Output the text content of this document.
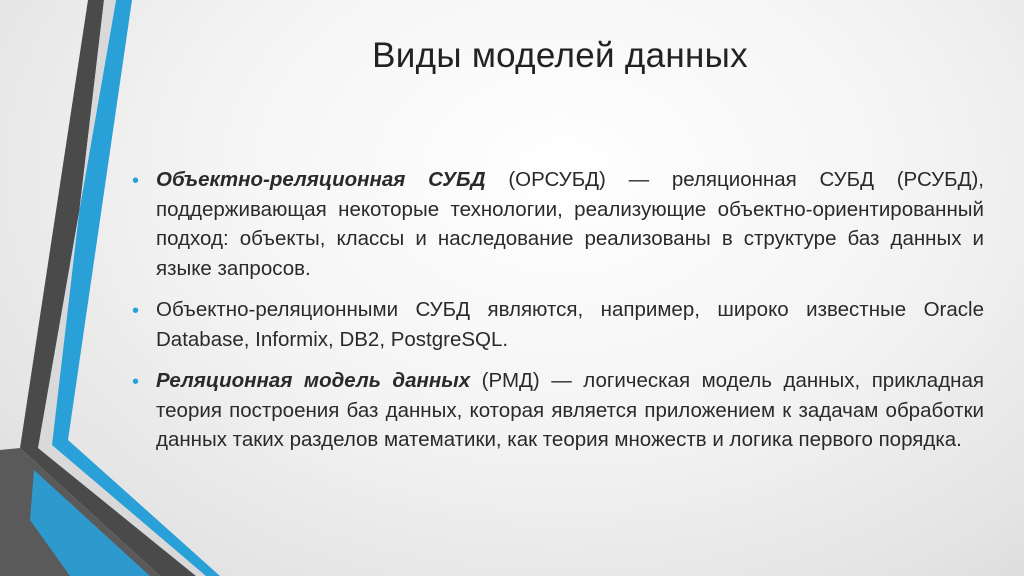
Виды моделей данных
• Объектно-реляционная СУБД (ОРСУБД) — реляционная СУБД (РСУБД), поддерживающая некоторые технологии, реализующие объектно-ориентированный подход: объекты, классы и наследование реализованы в структуре баз данных и языке запросов.
• Объектно-реляционными СУБД являются, например, широко известные Oracle Database, Informix, DB2, PostgreSQL.
• Реляционная модель данных (РМД) — логическая модель данных, прикладная теория построения баз данных, которая является приложением к задачам обработки данных таких разделов математики, как теория множеств и логика первого порядка.
